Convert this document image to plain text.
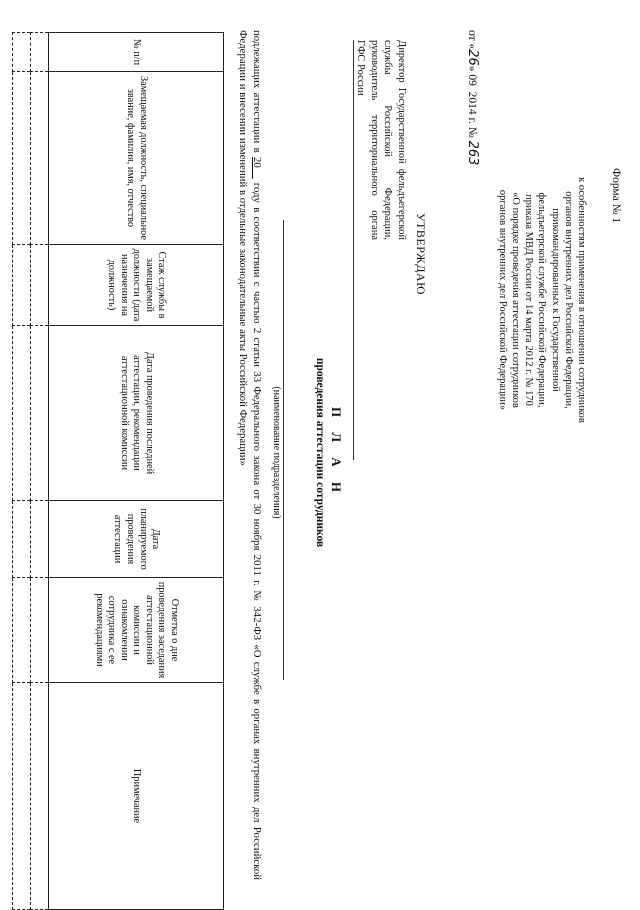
Форма № 1
к особенностям применения в отношении сотрудников
органов внутренних дел Российской Федерации,
прикомандированных к Государственной
фельдъегерской службе Российской Федерации,
приказа МВД России от 14 марта 2012 г. № 170
«О порядке проведения аттестации сотрудников
органов внутренних дел Российской Федерации»
от «26» 09  2014 г. № 263
УТВЕРЖДАЮ
Директор Государственной фельдъегерской службы Российской Федерации, руководитель территориального органа ГФС России
П Л А Н
проведения аттестации сотрудников
(наименование подразделения)
подлежащих аттестации в 20__ году в соответствии с частью 2 статьи 33 Федерального закона от 30 ноября 2011 г. № 342-ФЗ «О службе в органах внутренних дел Российской Федерации и внесении изменений в отдельные законодательные акты Российской Федерации»
№ п/п	Замещаемая должность, специальное звание, фамилия, имя, отчество	Стаж службы в замещаемой должности (дата назначения на должность)	Дата проведения последней аттестации, рекомендации аттестационной комиссии	Дата планируемого проведения аттестации	Отметка о дне проведения заседания аттестационной комиссии и ознакомлении сотрудника с ее рекомендациями	Примечание
